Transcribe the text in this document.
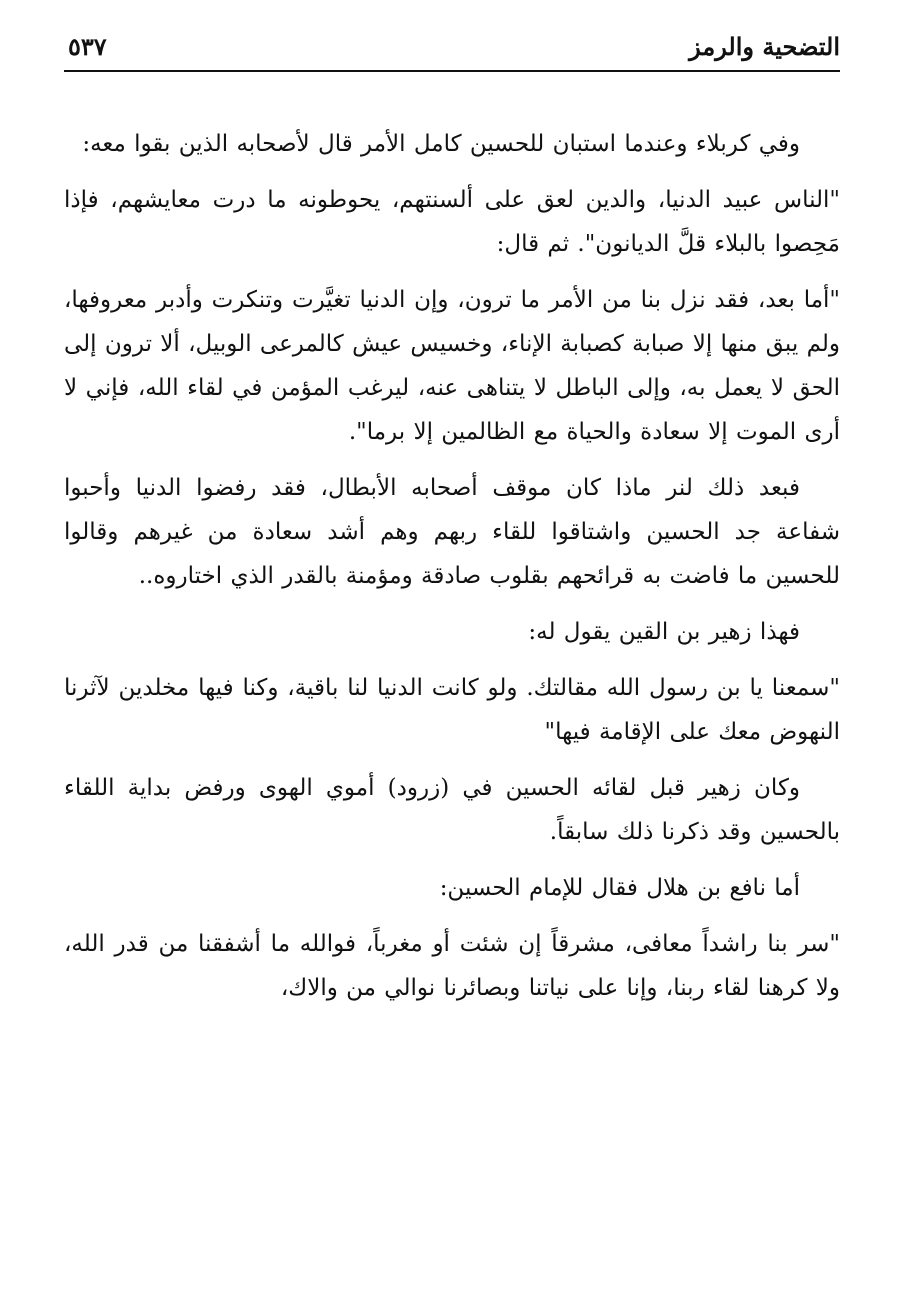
التضحية والرمز
٥٣٧

وفي كربلاء وعندما استبان للحسين كامل الأمر قال لأصحابه الذين بقوا معه:

"الناس عبيد الدنيا، والدين لعق على ألسنتهم، يحوطونه ما درت معايشهم، فإذا مَحِصوا بالبلاء قلَّ الديانون". ثم قال:

"أما بعد، فقد نزل بنا من الأمر ما ترون، وإن الدنيا تغيَّرت وتنكرت وأدبر معروفها، ولم يبق منها إلا صبابة كصبابة الإناء، وخسيس عيش كالمرعى الوبيل، ألا ترون إلى الحق لا يعمل به، وإلى الباطل لا يتناهى عنه، ليرغب المؤمن في لقاء الله، فإني لا أرى الموت إلا سعادة والحياة مع الظالمين إلا برما".

فبعد ذلك لنر ماذا كان موقف أصحابه الأبطال، فقد رفضوا الدنيا وأحبوا شفاعة جد الحسين واشتاقوا للقاء ربهم وهم أشد سعادة من غيرهم وقالوا للحسين ما فاضت به قرائحهم بقلوب صادقة ومؤمنة بالقدر الذي اختاروه..

فهذا زهير بن القين يقول له:

"سمعنا يا بن رسول الله مقالتك. ولو كانت الدنيا لنا باقية، وكنا فيها مخلدين لآثرنا النهوض معك على الإقامة فيها"

وكان زهير قبل لقائه الحسين في (زرود) أموي الهوى ورفض بداية اللقاء بالحسين وقد ذكرنا ذلك سابقاً.

أما نافع بن هلال فقال للإمام الحسين:

"سر بنا راشداً معافى، مشرقاً إن شئت أو مغرباً، فوالله ما أشفقنا من قدر الله، ولا كرهنا لقاء ربنا، وإنا على نياتنا وبصائرنا نوالي من والاك،
